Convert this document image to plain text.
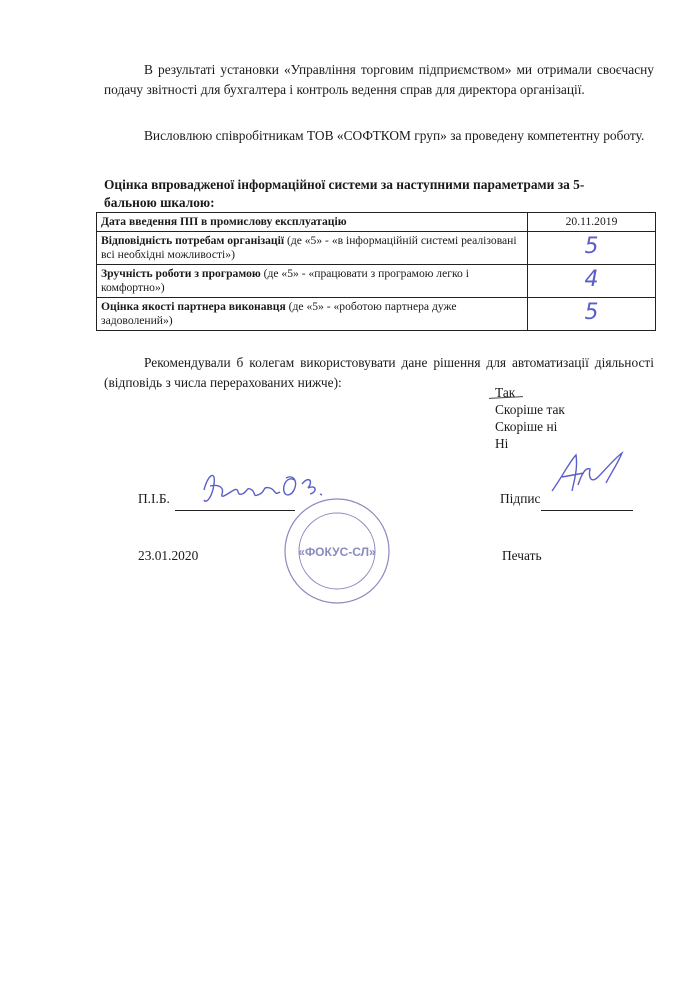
В результаті установки «Управління торговим підприємством» ми отримали своєчасну подачу звітності для бухгалтера і контроль ведення справ для директора організації.

Висловлюю співробітникам ТОВ «СОФТКОМ груп» за проведену компетентну роботу.

Оцінка впровадженої інформаційної системи за наступними параметрами за 5-бальною шкалою:
Дата введення ПП в промислову експлуатацію	20.11.2019
Відповідність потребам організації (де «5» - «в інформаційній системі реалізовані всі необхідні можливості»)	5
Зручність роботи з програмою (де «5» - «працювати з програмою легко і комфортно»)	4
Оцінка якості партнера виконавця (де «5» - «роботою партнера дуже задоволений»)	5

Рекомендували б колегам використовувати дане рішення для автоматизації діяльності (відповідь з числа перерахованих нижче):

Так
Скоріше так
Скоріше ні
Ні
П.І.Б.	Підпис
23.01.2020	«ФОКУС-СЛ»	Печать
